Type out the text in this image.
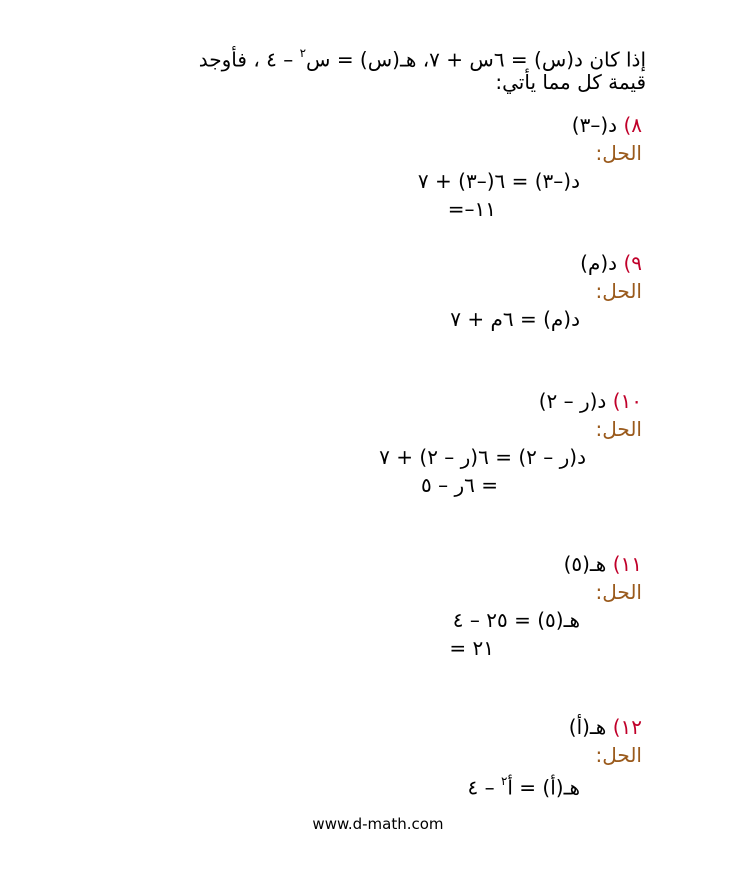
إذا كان د(س) = ٦س + ٧، هـ(س) = س$^٢$ – ٤ ، فأوجد
قيمة كل مما يأتي:
٨) د(–٣)
الحل:
د(–٣) = ٦(–٣) + ٧
=–١١
٩) د(م)
الحل:
د(م) = ٦م + ٧
١٠) د(ر – ٢)
الحل:
د(ر – ٢) = ٦(ر – ٢) + ٧
= ٦ر – ٥
١١) هـ(٥)
الحل:
هـ(٥) = ٢٥ – ٤
= ٢١
١٢) هـ(أ)
الحل:
هـ(أ) = أ$^٢$ – ٤
www.d-math.com
